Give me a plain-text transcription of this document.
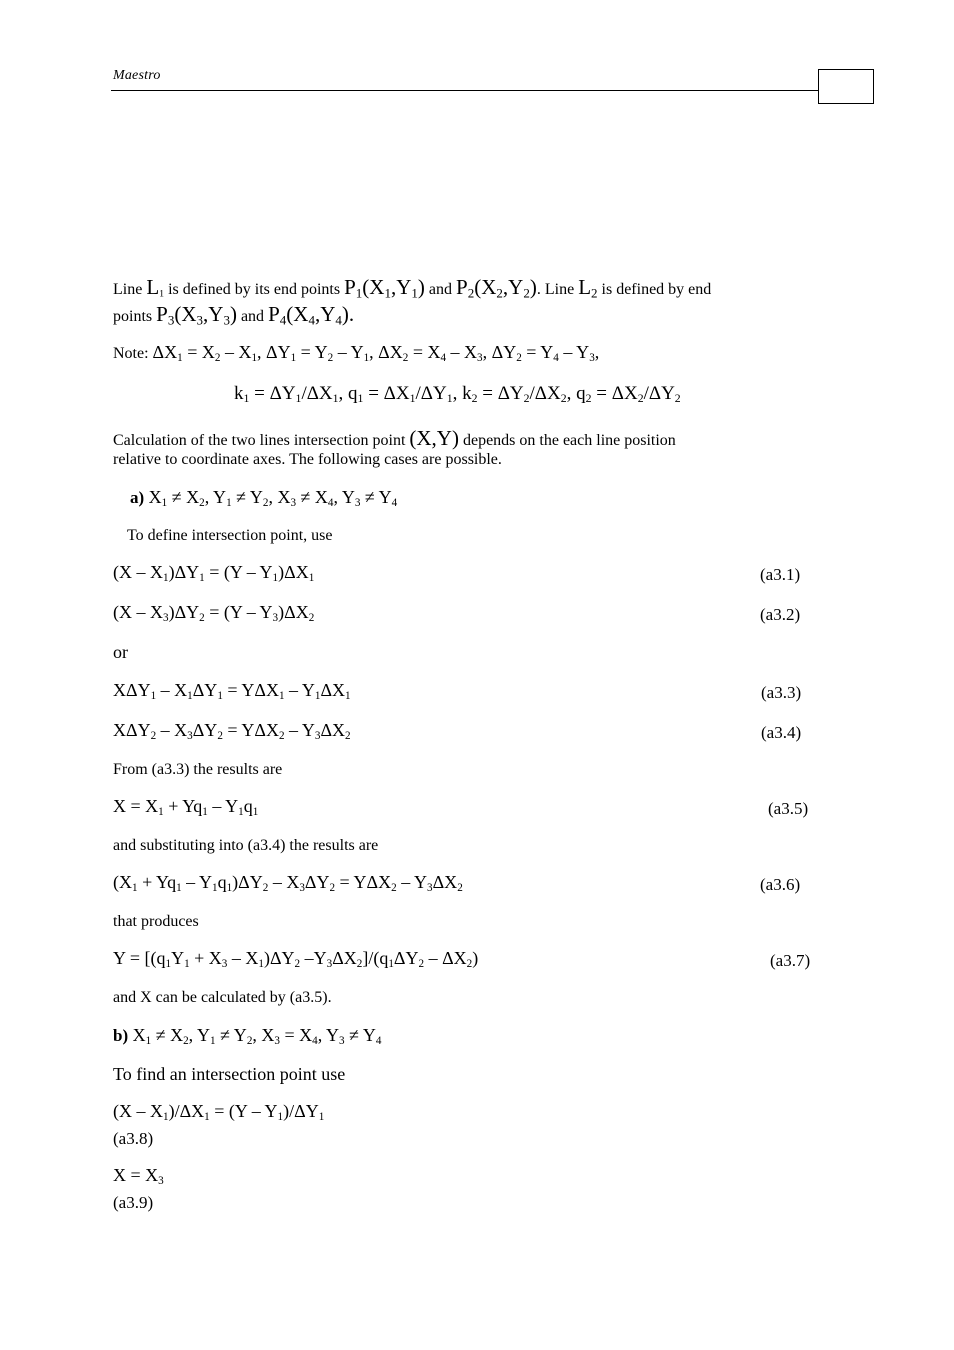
Maestro
Line $L_1$ is defined by its end points $P_1(X_1,Y_1)$ and $P_2(X_2,Y_2)$. Line $L_2$ is defined by end
points $P_3(X_3,Y_3)$ and $P_4(X_4,Y_4)$.
Note: $\Delta X_1 = X_2 - X_1$, $\Delta Y_1 = Y_2 - Y_1$, $\Delta X_2 = X_4 - X_3$, $\Delta Y_2 = Y_4 - Y_3$,
$k_1 = \Delta Y_1/\Delta X_1$, $q_1 = \Delta X_1/\Delta Y_1$, $k_2 = \Delta Y_2/\Delta X_2$, $q_2 = \Delta X_2/\Delta Y_2$
Calculation of the two lines intersection point (X,Y) depends on the each line position
relative to coordinate axes. The following cases are possible.
a) $X_1 \ne X_2$, $Y_1 \ne Y_2$, $X_3 \ne X_4$, $Y_3 \ne Y_4$
To define intersection point, use
$(X - X_1)\Delta Y_1 = (Y - Y_1)\Delta X_1$	(a3.1)
$(X - X_3)\Delta Y_2 = (Y - Y_3)\Delta X_2$	(a3.2)
or
$X\Delta Y_1 - X_1\Delta Y_1 = Y\Delta X_1 - Y_1\Delta X_1$	(a3.3)
$X\Delta Y_2 - X_3\Delta Y_2 = Y\Delta X_2 - Y_3\Delta X_2$	(a3.4)
From (a3.3) the results are
$X = X_1 + Yq_1 - Y_1q_1$	(a3.5)
and substituting into (a3.4) the results are
$(X_1 + Yq_1 - Y_1q_1)\Delta Y_2 - X_3\Delta Y_2 = Y\Delta X_2 - Y_3\Delta X_2$	(a3.6)
that produces
$Y = [(q_1Y_1 + X_3 - X_1)\Delta Y_2$ $-Y_3\Delta X_2]/(q_1\Delta Y_2 - \Delta X_2)$	(a3.7)
and X can be calculated by (a3.5).
b) $X_1 \ne X_2$, $Y_1 \ne Y_2$, $X_3 = X_4$, $Y_3 \ne Y_4$
To find an intersection point use
$(X - X_1)/\Delta X_1 = (Y - Y_1)/\Delta Y_1$
(a3.8)
$X = X_3$
(a3.9)
